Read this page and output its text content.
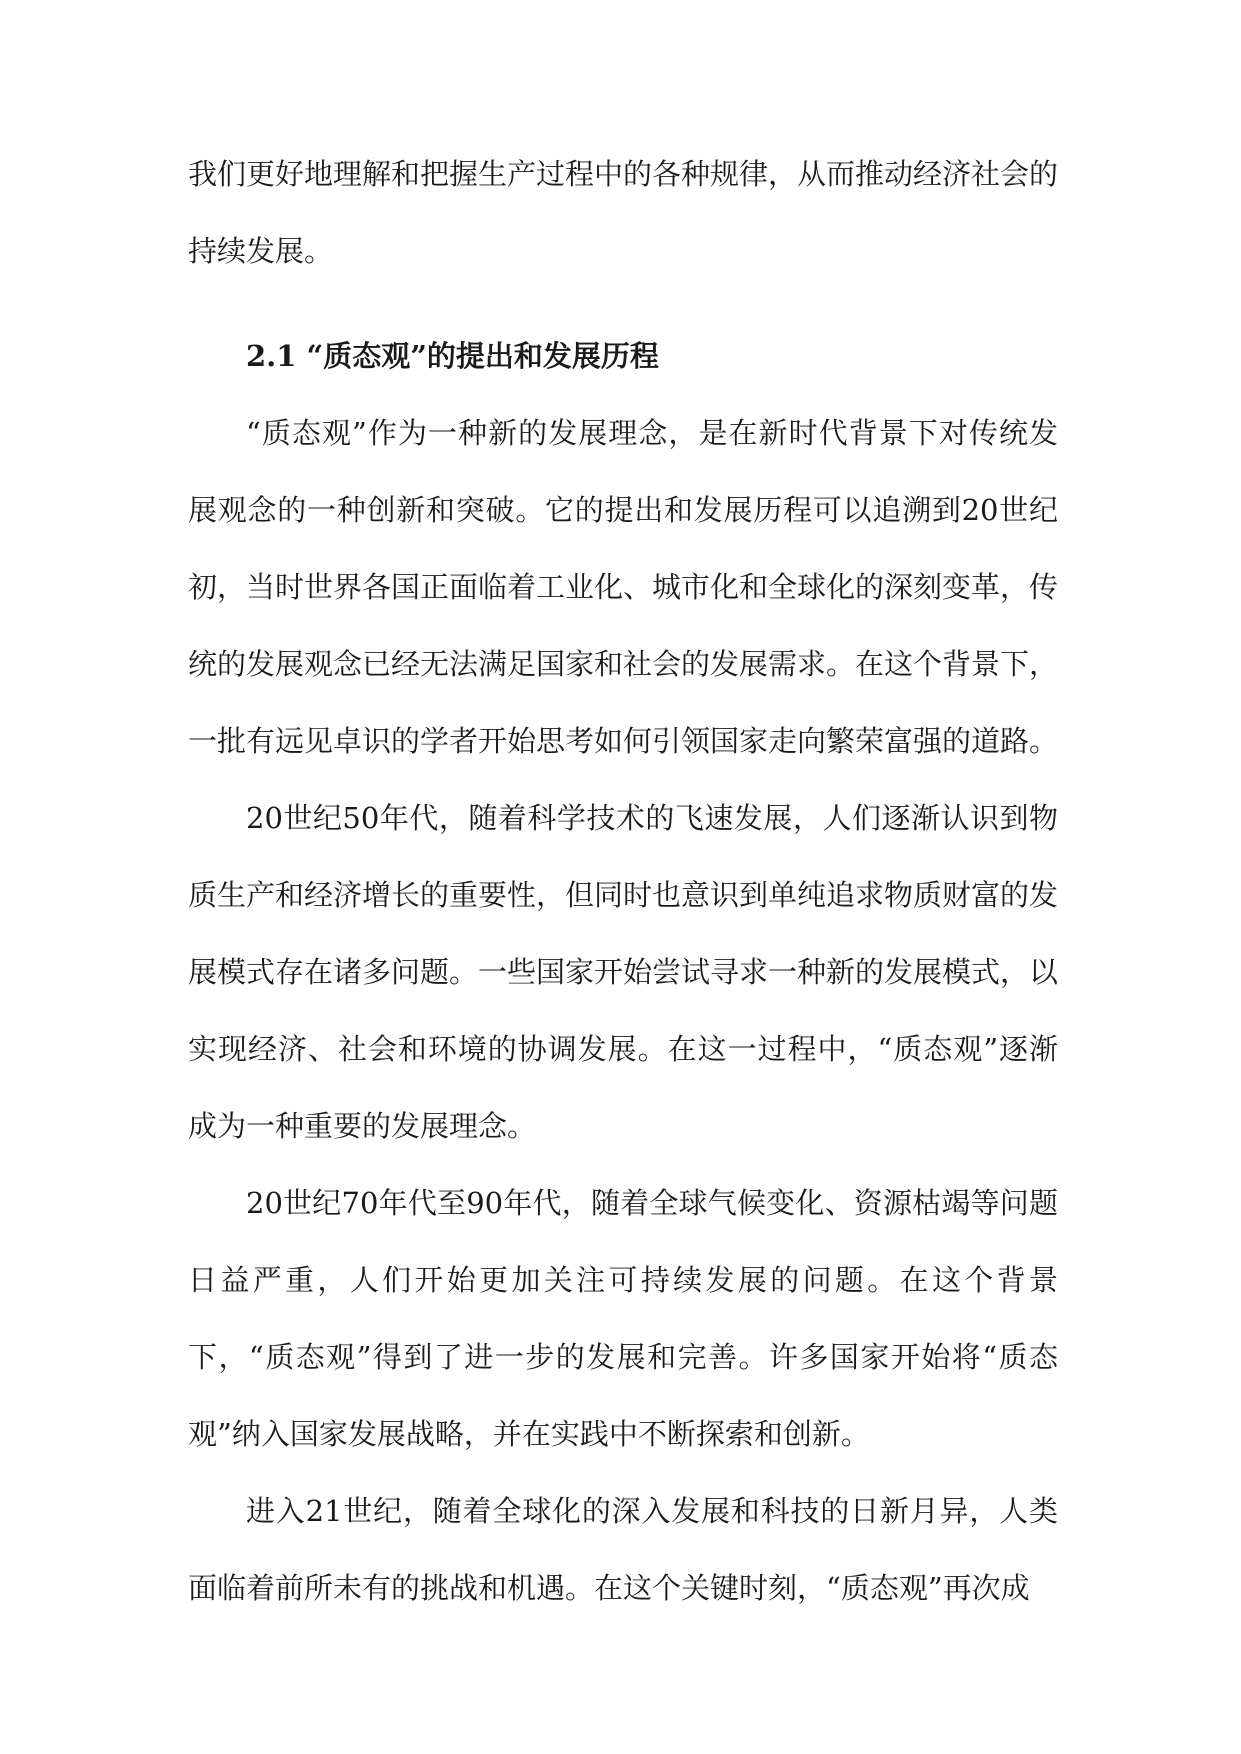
我们更好地理解和把握生产过程中的各种规律，从而推动经济社会的持续发展。

2.1 “质态观”的提出和发展历程

“质态观”作为一种新的发展理念，是在新时代背景下对传统发展观念的一种创新和突破。它的提出和发展历程可以追溯到20世纪初，当时世界各国正面临着工业化、城市化和全球化的深刻变革，传统的发展观念已经无法满足国家和社会的发展需求。在这个背景下，一批有远见卓识的学者开始思考如何引领国家走向繁荣富强的道路。

20世纪50年代，随着科学技术的飞速发展，人们逐渐认识到物质生产和经济增长的重要性，但同时也意识到单纯追求物质财富的发展模式存在诸多问题。一些国家开始尝试寻求一种新的发展模式，以实现经济、社会和环境的协调发展。在这一过程中，“质态观”逐渐成为一种重要的发展理念。

20世纪70年代至90年代，随着全球气候变化、资源枯竭等问题日益严重，人们开始更加关注可持续发展的问题。在这个背景下，“质态观”得到了进一步的发展和完善。许多国家开始将“质态观”纳入国家发展战略，并在实践中不断探索和创新。

进入21世纪，随着全球化的深入发展和科技的日新月异，人类面临着前所未有的挑战和机遇。在这个关键时刻，“质态观”再次成
